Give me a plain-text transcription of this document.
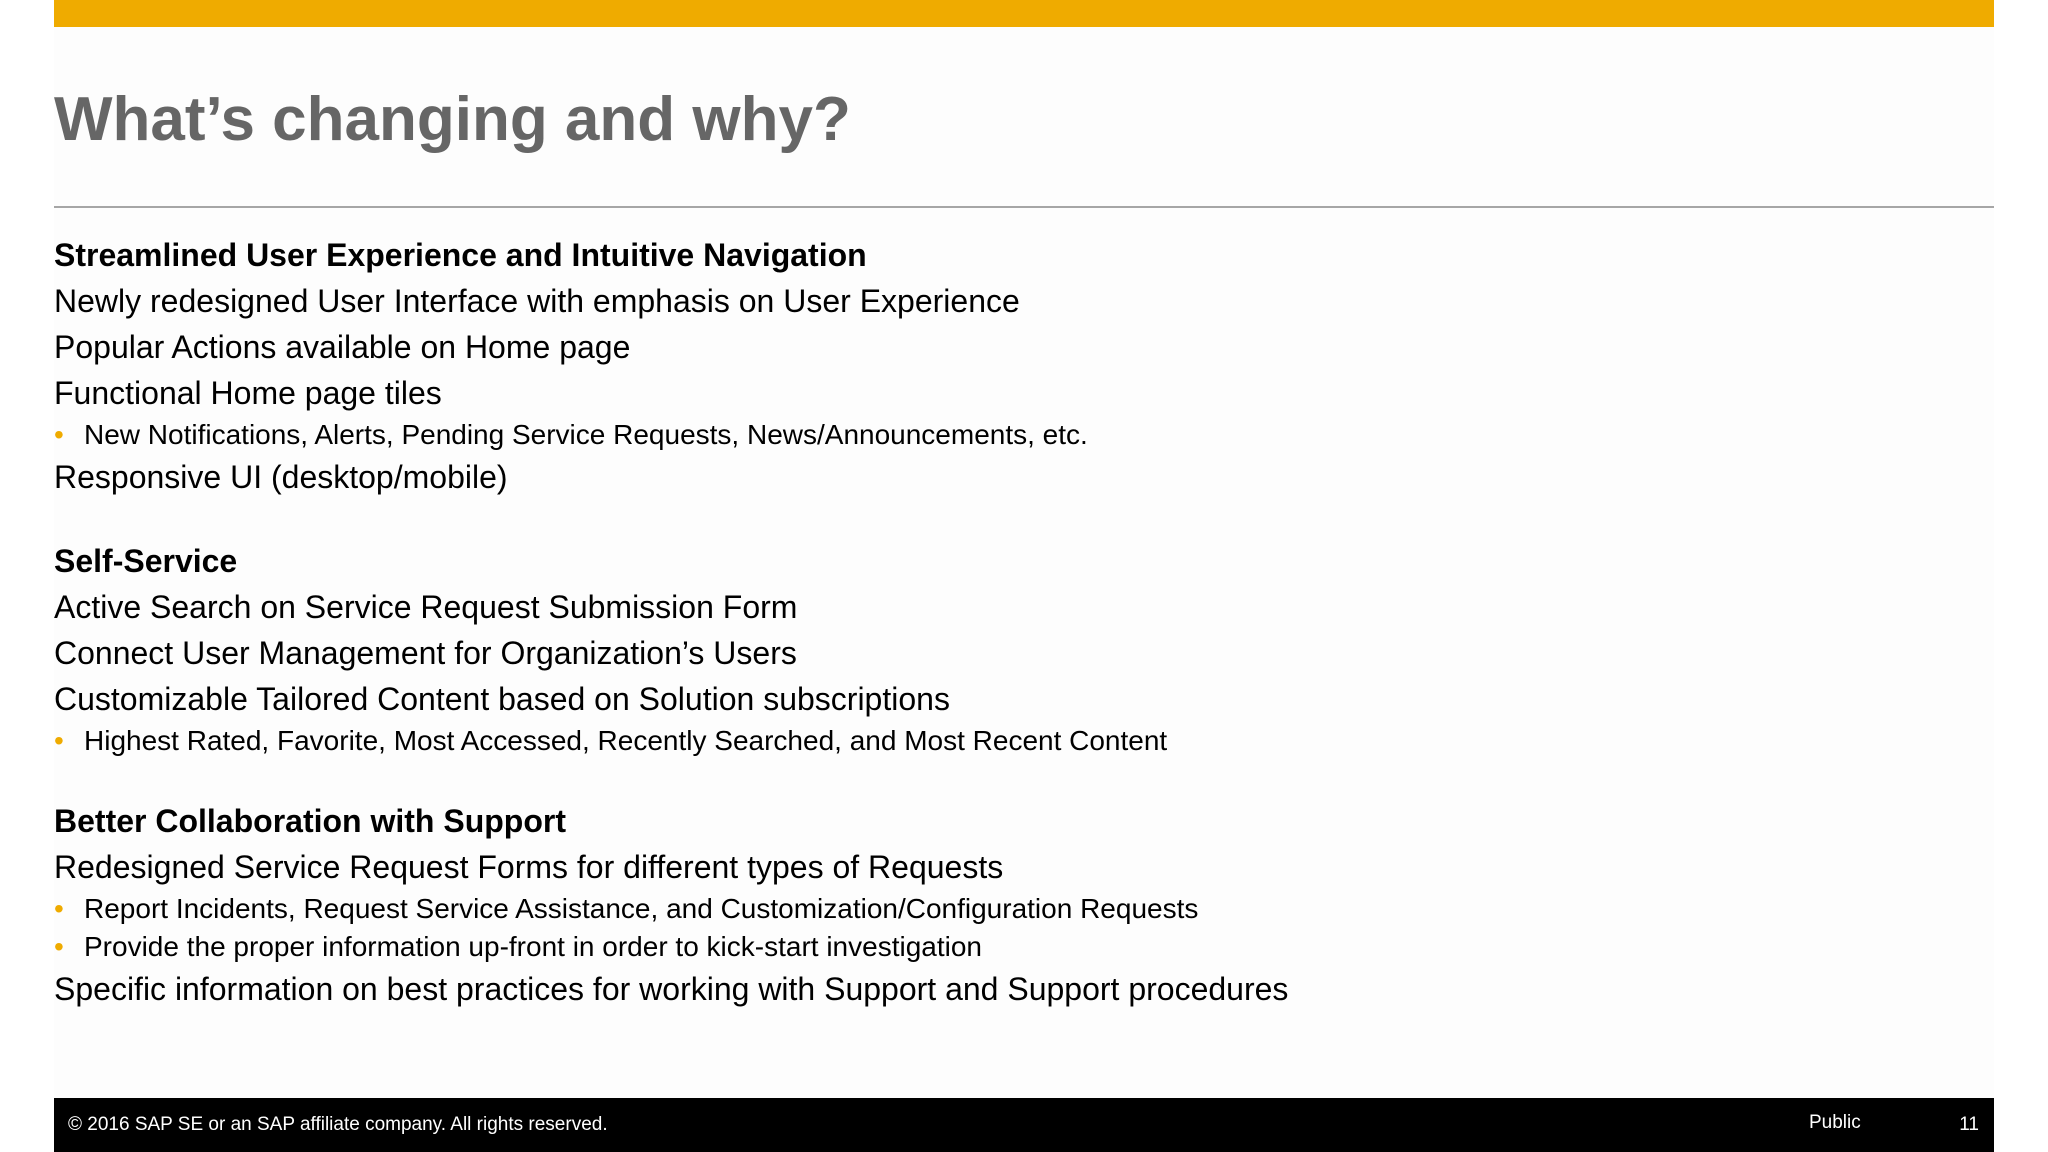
What’s changing and why?
Streamlined User Experience and Intuitive Navigation
Newly redesigned User Interface with emphasis on User Experience
Popular Actions available on Home page
Functional Home page tiles
• New Notifications, Alerts, Pending Service Requests, News/Announcements, etc.
Responsive UI (desktop/mobile)
Self-Service
Active Search on Service Request Submission Form
Connect User Management for Organization’s Users
Customizable Tailored Content based on Solution subscriptions
• Highest Rated, Favorite, Most Accessed, Recently Searched, and Most Recent Content
Better Collaboration with Support
Redesigned Service Request Forms for different types of Requests
• Report Incidents, Request Service Assistance, and Customization/Configuration Requests
• Provide the proper information up-front in order to kick-start investigation
Specific information on best practices for working with Support and Support procedures
© 2016 SAP SE or an SAP affiliate company. All rights reserved.	Public	11
